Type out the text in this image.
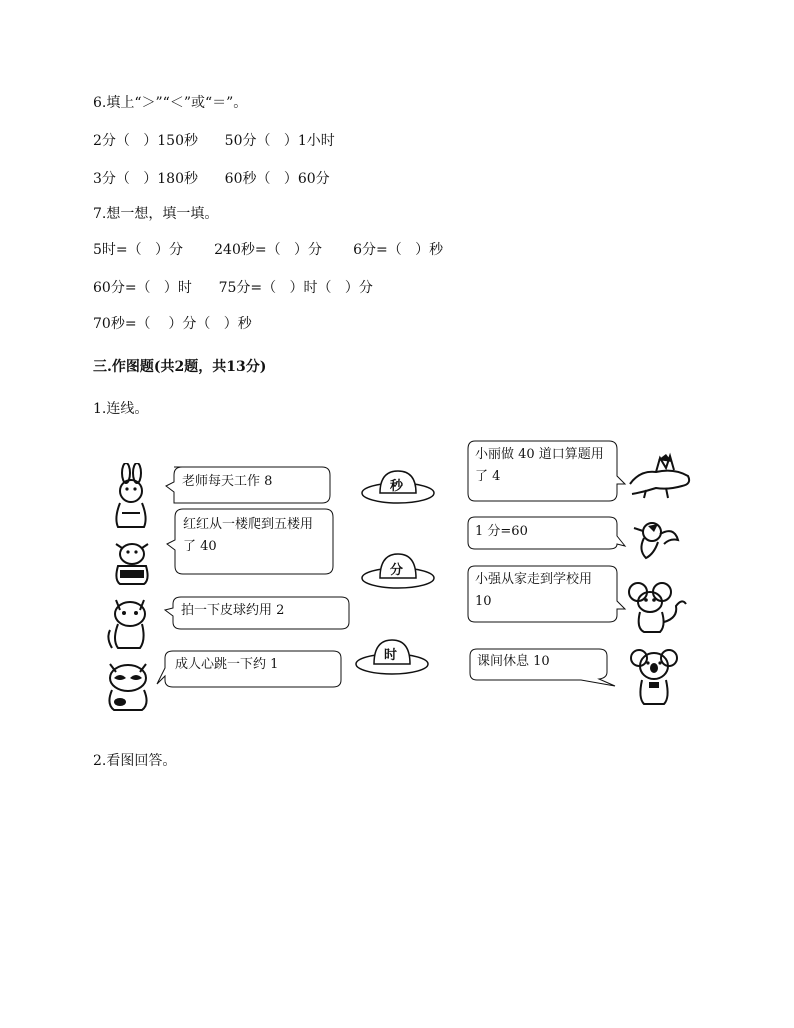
6.填上“＞”“＜”或“＝”。
2分（   ）150秒      50分（   ）1小时
3分（   ）180秒      60秒（   ）60分
7.想一想，填一填。
5时=（   ）分       240秒=（   ）分       6分=（   ）秒
60分=（   ）时      75分=（   ）时（   ）分
70秒=（    ）分（   ）秒
三.作图题(共2题，共13分)
1.连线。
老师每天工作 8
红红从一楼爬到五楼用
了 40
拍一下皮球约用 2
成人心跳一下约 1
秒
分
时
小丽做 40 道口算题用
了 4
1 分=60
小强从家走到学校用
10
课间休息 10
2.看图回答。
